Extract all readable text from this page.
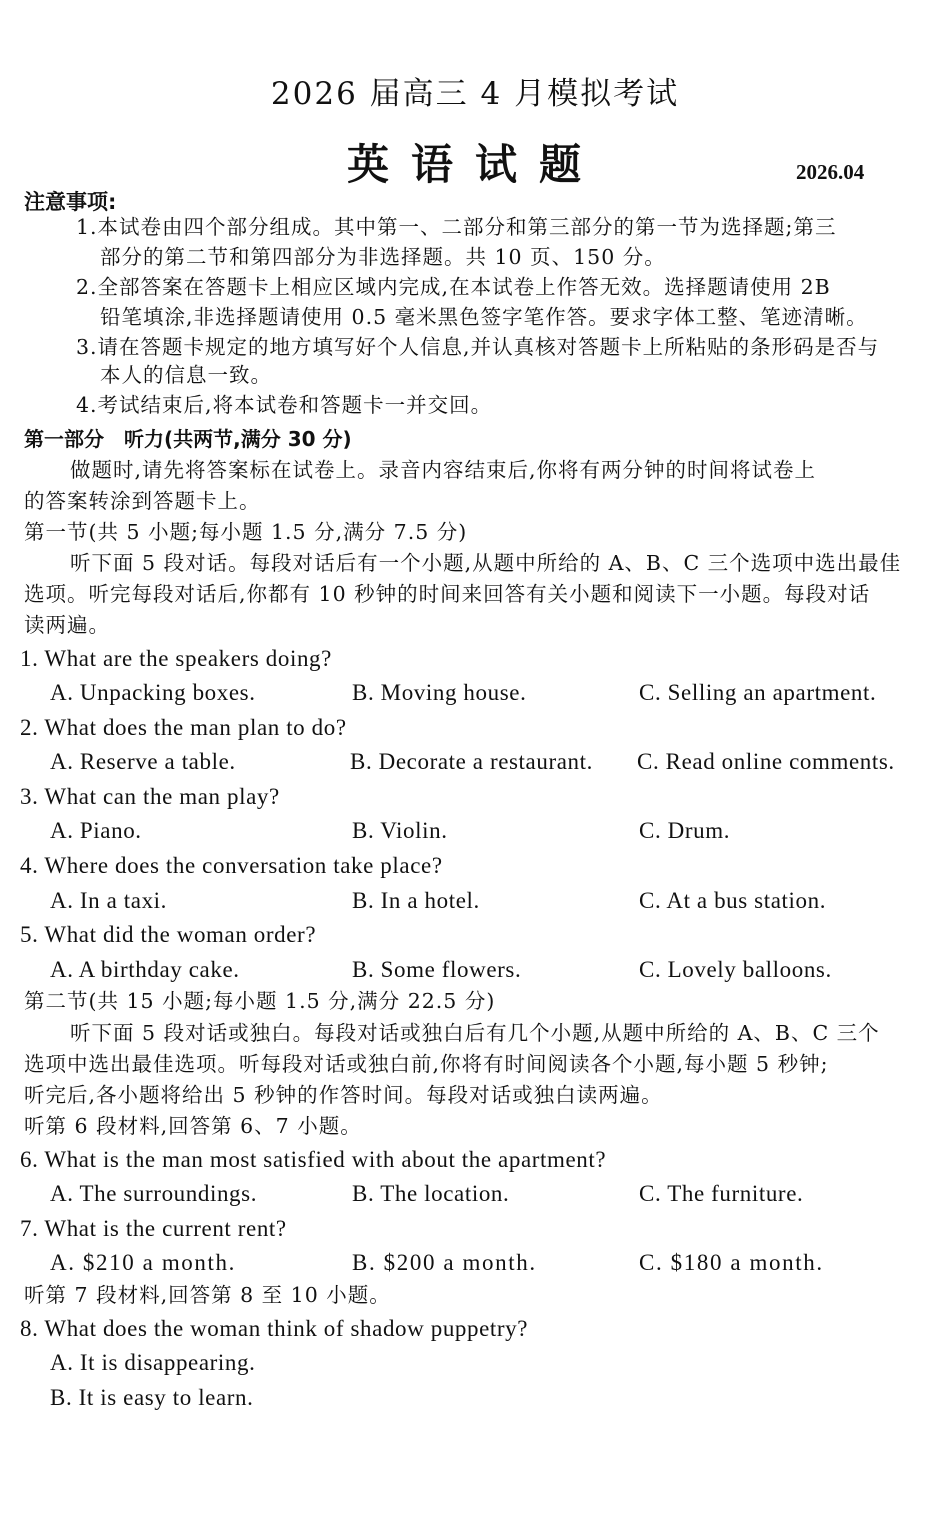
2026 届高三 4 月模拟考试
英语试题	2026.04
注意事项:
1.本试卷由四个部分组成。其中第一、二部分和第三部分的第一节为选择题;第三
部分的第二节和第四部分为非选择题。共 10 页、150 分。
2.全部答案在答题卡上相应区域内完成,在本试卷上作答无效。选择题请使用 2B
铅笔填涂,非选择题请使用 0.5 毫米黑色签字笔作答。要求字体工整、笔迹清晰。
3.请在答题卡规定的地方填写好个人信息,并认真核对答题卡上所粘贴的条形码是否与
本人的信息一致。
4.考试结束后,将本试卷和答题卡一并交回。
第一部分　听力(共两节,满分 30 分)
做题时,请先将答案标在试卷上。录音内容结束后,你将有两分钟的时间将试卷上
的答案转涂到答题卡上。
第一节(共 5 小题;每小题 1.5 分,满分 7.5 分)
听下面 5 段对话。每段对话后有一个小题,从题中所给的 A、B、C 三个选项中选出最佳
选项。听完每段对话后,你都有 10 秒钟的时间来回答有关小题和阅读下一小题。每段对话
读两遍。
1. What are the speakers doing?
A. Unpacking boxes.	B. Moving house.	C. Selling an apartment.
2. What does the man plan to do?
A. Reserve a table.	B. Decorate a restaurant. C. Read online comments.
3. What can the man play?
A. Piano.	B. Violin.	C. Drum.
4. Where does the conversation take place?
A. In a taxi.	B. In a hotel.	C. At a bus station.
5. What did the woman order?
A. A birthday cake.	B. Some flowers.	C. Lovely balloons.
第二节(共 15 小题;每小题 1.5 分,满分 22.5 分)
听下面 5 段对话或独白。每段对话或独白后有几个小题,从题中所给的 A、B、C 三个
选项中选出最佳选项。听每段对话或独白前,你将有时间阅读各个小题,每小题 5 秒钟;
听完后,各小题将给出 5 秒钟的作答时间。每段对话或独白读两遍。
听第 6 段材料,回答第 6、7 小题。
6. What is the man most satisfied with about the apartment?
A. The surroundings.	B. The location.	C. The furniture.
7. What is the current rent?
A. $210 a month.	B. $200 a month.	C. $180 a month.
听第 7 段材料,回答第 8 至 10 小题。
8. What does the woman think of shadow puppetry?
A. It is disappearing.
B. It is easy to learn.
